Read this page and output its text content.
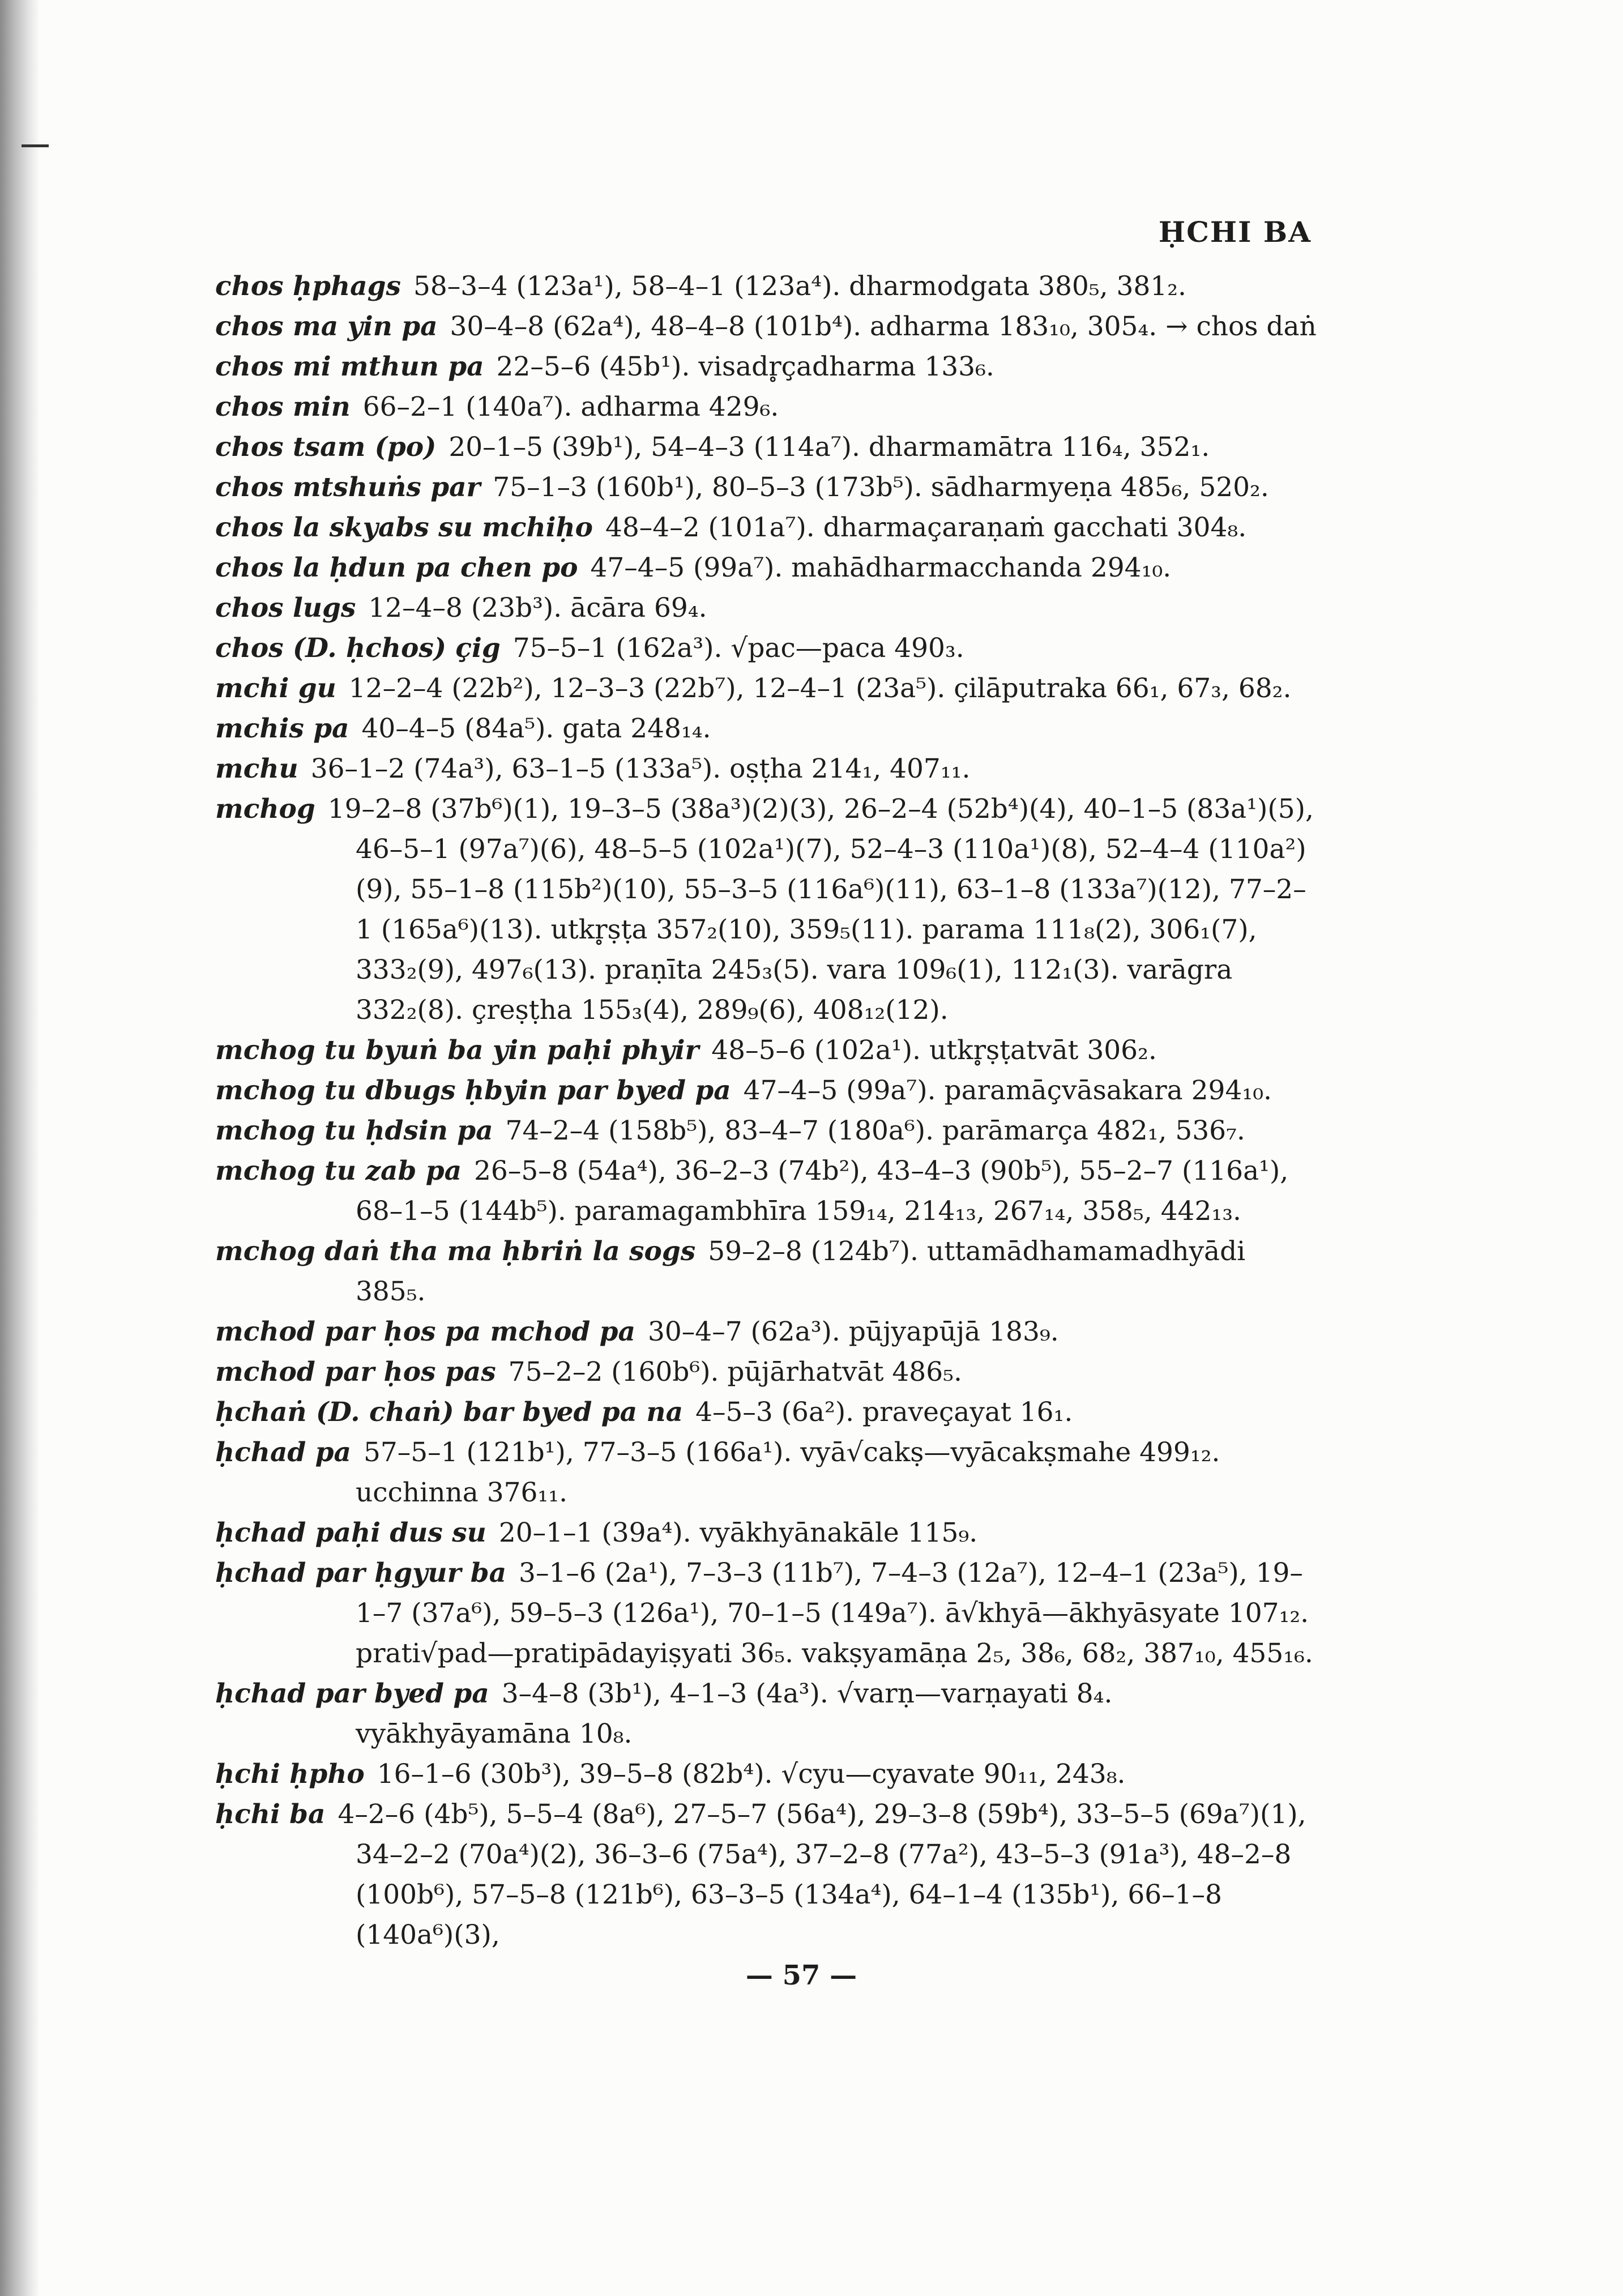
ḤCHI BA

chos ḥphags 58–3–4 (123a¹), 58–4–1 (123a⁴). dharmodgata 380₅, 381₂.

chos ma yin pa 30–4–8 (62a⁴), 48–4–8 (101b⁴). adharma 183₁₀, 305₄. → chos daṅ

chos mi mthun pa 22–5–6 (45b¹). visadr̥çadharma 133₆.

chos min 66–2–1 (140a⁷). adharma 429₆.

chos tsam (po) 20–1–5 (39b¹), 54–4–3 (114a⁷). dharmamātra 116₄, 352₁.

chos mtshuṅs par 75–1–3 (160b¹), 80–5–3 (173b⁵). sādharmyeṇa 485₆, 520₂.

chos la skyabs su mchiḥo 48–4–2 (101a⁷). dharmaçaraṇaṁ gacchati 304₈.

chos la ḥdun pa chen po 47–4–5 (99a⁷). mahādharmacchanda 294₁₀.

chos lugs 12–4–8 (23b³). ācāra 69₄.

chos (D. ḥchos) çig 75–5–1 (162a³). √pac—paca 490₃.

mchi gu 12–2–4 (22b²), 12–3–3 (22b⁷), 12–4–1 (23a⁵). çilāputraka 66₁, 67₃, 68₂.

mchis pa 40–4–5 (84a⁵). gata 248₁₄.

mchu 36–1–2 (74a³), 63–1–5 (133a⁵). oṣṭha 214₁, 407₁₁.

mchog 19–2–8 (37b⁶)(1), 19–3–5 (38a³)(2)(3), 26–2–4 (52b⁴)(4), 40–1–5 (83a¹)(5), 46–5–1 (97a⁷)(6), 48–5–5 (102a¹)(7), 52–4–3 (110a¹)(8), 52–4–4 (110a²)(9), 55–1–8 (115b²)(10), 55–3–5 (116a⁶)(11), 63–1–8 (133a⁷)(12), 77–2–1 (165a⁶)(13). utkr̥ṣṭa 357₂(10), 359₅(11). parama 111₈(2), 306₁(7), 333₂(9), 497₆(13). praṇīta 245₃(5). vara 109₆(1), 112₁(3). varāgra 332₂(8). çreṣṭha 155₃(4), 289₉(6), 408₁₂(12).

mchog tu byuṅ ba yin paḥi phyir 48–5–6 (102a¹). utkr̥ṣṭatvāt 306₂.

mchog tu dbugs ḥbyin par byed pa 47–4–5 (99a⁷). paramāçvāsakara 294₁₀.

mchog tu ḥdsin pa 74–2–4 (158b⁵), 83–4–7 (180a⁶). parāmarça 482₁, 536₇.

mchog tu zab pa 26–5–8 (54a⁴), 36–2–3 (74b²), 43–4–3 (90b⁵), 55–2–7 (116a¹), 68–1–5 (144b⁵). paramagambhīra 159₁₄, 214₁₃, 267₁₄, 358₅, 442₁₃.

mchog daṅ tha ma ḥbriṅ la sogs 59–2–8 (124b⁷). uttamādhamamadhyādi 385₅.

mchod par ḥos pa mchod pa 30–4–7 (62a³). pūjyapūjā 183₉.

mchod par ḥos pas 75–2–2 (160b⁶). pūjārhatvāt 486₅.

ḥchaṅ (D. chaṅ) bar byed pa na 4–5–3 (6a²). praveçayat 16₁.

ḥchad pa 57–5–1 (121b¹), 77–3–5 (166a¹). vyā√cakṣ—vyācakṣmahe 499₁₂. ucchinna 376₁₁.

ḥchad paḥi dus su 20–1–1 (39a⁴). vyākhyānakāle 115₉.

ḥchad par ḥgyur ba 3–1–6 (2a¹), 7–3–3 (11b⁷), 7–4–3 (12a⁷), 12–4–1 (23a⁵), 19–1–7 (37a⁶), 59–5–3 (126a¹), 70–1–5 (149a⁷). ā√khyā—ākhyāsyate 107₁₂. prati√pad—pratipādayiṣyati 36₅. vakṣyamāṇa 2₅, 38₆, 68₂, 387₁₀, 455₁₆.

ḥchad par byed pa 3–4–8 (3b¹), 4–1–3 (4a³). √varṇ—varṇayati 8₄. vyākhyāyamāna 10₈.

ḥchi ḥpho 16–1–6 (30b³), 39–5–8 (82b⁴). √cyu—cyavate 90₁₁, 243₈.

ḥchi ba 4–2–6 (4b⁵), 5–5–4 (8a⁶), 27–5–7 (56a⁴), 29–3–8 (59b⁴), 33–5–5 (69a⁷)(1), 34–2–2 (70a⁴)(2), 36–3–6 (75a⁴), 37–2–8 (77a²), 43–5–3 (91a³), 48–2–8 (100b⁶), 57–5–8 (121b⁶), 63–3–5 (134a⁴), 64–1–4 (135b¹), 66–1–8 (140a⁶)(3),

— 57 —
